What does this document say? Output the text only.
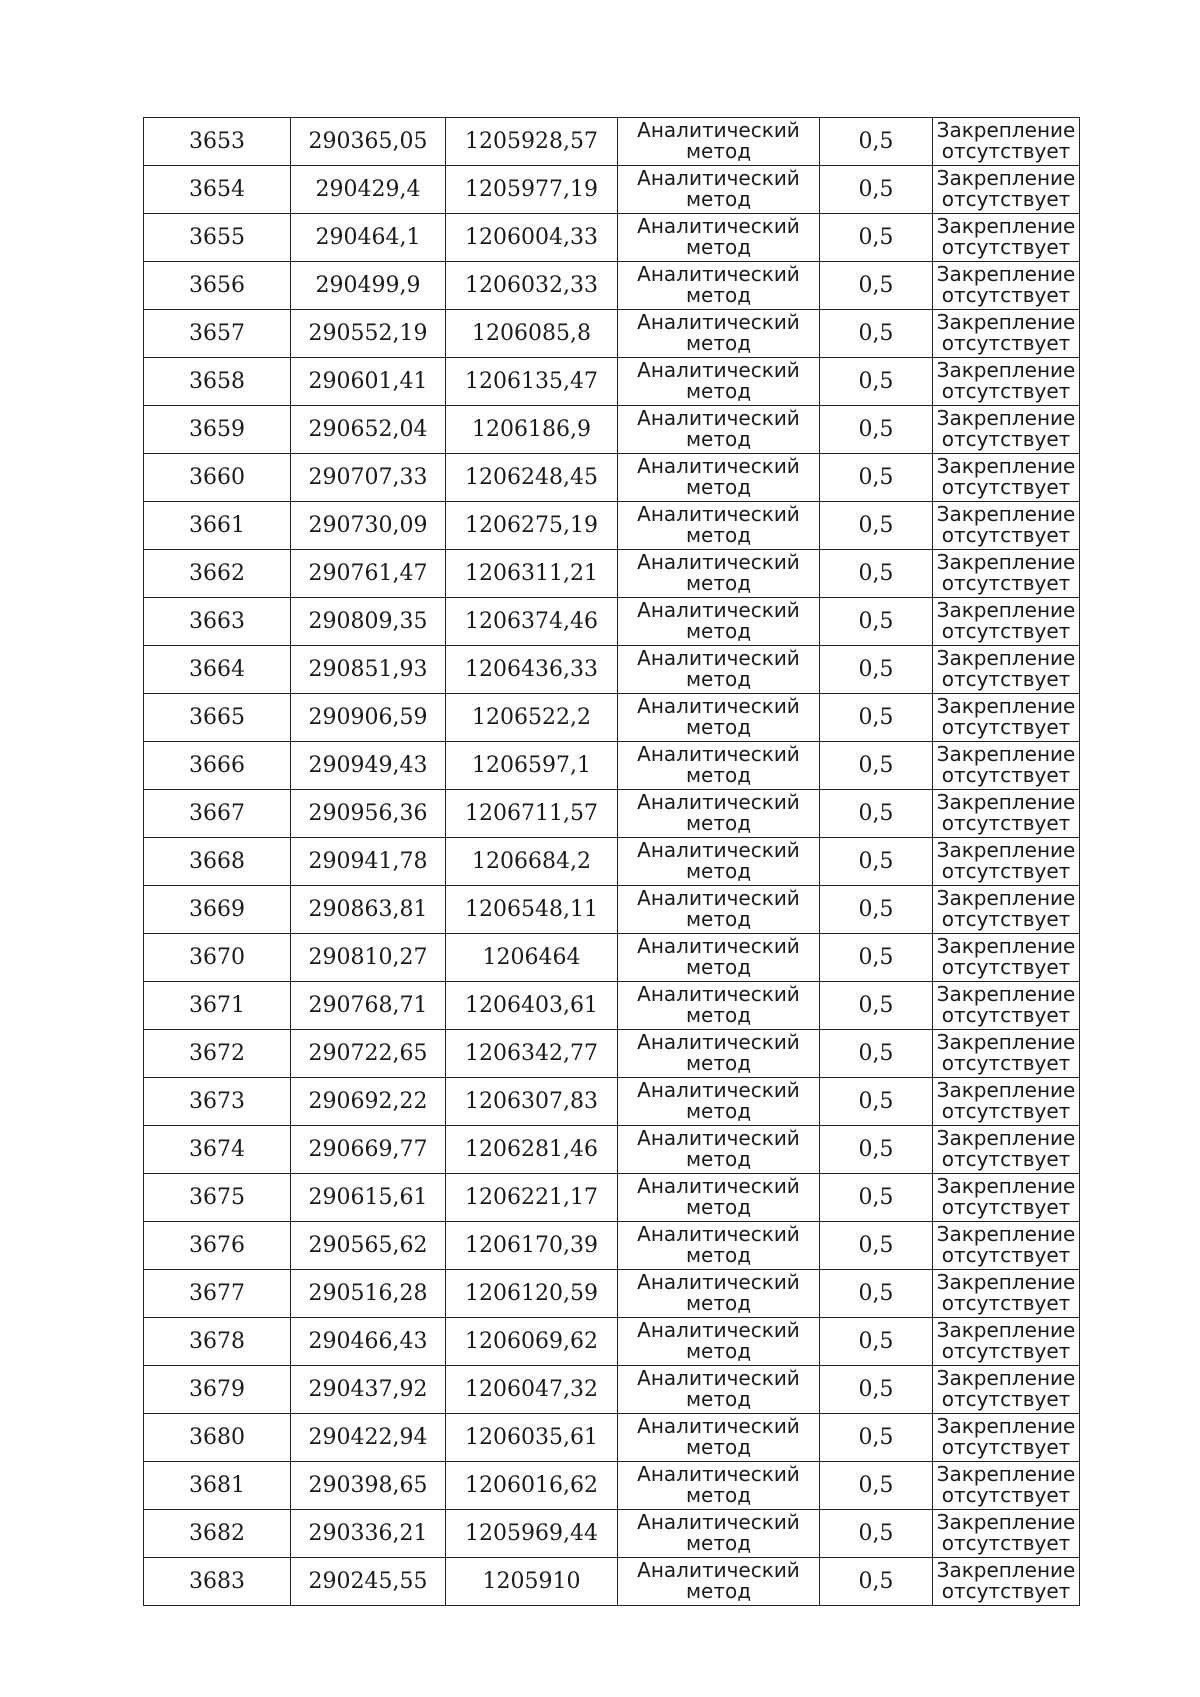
3653	290365,05	1205928,57	Аналитический метод	0,5	Закрепление отсутствует
3654	290429,4	1205977,19	Аналитический метод	0,5	Закрепление отсутствует
3655	290464,1	1206004,33	Аналитический метод	0,5	Закрепление отсутствует
3656	290499,9	1206032,33	Аналитический метод	0,5	Закрепление отсутствует
3657	290552,19	1206085,8	Аналитический метод	0,5	Закрепление отсутствует
3658	290601,41	1206135,47	Аналитический метод	0,5	Закрепление отсутствует
3659	290652,04	1206186,9	Аналитический метод	0,5	Закрепление отсутствует
3660	290707,33	1206248,45	Аналитический метод	0,5	Закрепление отсутствует
3661	290730,09	1206275,19	Аналитический метод	0,5	Закрепление отсутствует
3662	290761,47	1206311,21	Аналитический метод	0,5	Закрепление отсутствует
3663	290809,35	1206374,46	Аналитический метод	0,5	Закрепление отсутствует
3664	290851,93	1206436,33	Аналитический метод	0,5	Закрепление отсутствует
3665	290906,59	1206522,2	Аналитический метод	0,5	Закрепление отсутствует
3666	290949,43	1206597,1	Аналитический метод	0,5	Закрепление отсутствует
3667	290956,36	1206711,57	Аналитический метод	0,5	Закрепление отсутствует
3668	290941,78	1206684,2	Аналитический метод	0,5	Закрепление отсутствует
3669	290863,81	1206548,11	Аналитический метод	0,5	Закрепление отсутствует
3670	290810,27	1206464	Аналитический метод	0,5	Закрепление отсутствует
3671	290768,71	1206403,61	Аналитический метод	0,5	Закрепление отсутствует
3672	290722,65	1206342,77	Аналитический метод	0,5	Закрепление отсутствует
3673	290692,22	1206307,83	Аналитический метод	0,5	Закрепление отсутствует
3674	290669,77	1206281,46	Аналитический метод	0,5	Закрепление отсутствует
3675	290615,61	1206221,17	Аналитический метод	0,5	Закрепление отсутствует
3676	290565,62	1206170,39	Аналитический метод	0,5	Закрепление отсутствует
3677	290516,28	1206120,59	Аналитический метод	0,5	Закрепление отсутствует
3678	290466,43	1206069,62	Аналитический метод	0,5	Закрепление отсутствует
3679	290437,92	1206047,32	Аналитический метод	0,5	Закрепление отсутствует
3680	290422,94	1206035,61	Аналитический метод	0,5	Закрепление отсутствует
3681	290398,65	1206016,62	Аналитический метод	0,5	Закрепление отсутствует
3682	290336,21	1205969,44	Аналитический метод	0,5	Закрепление отсутствует
3683	290245,55	1205910	Аналитический метод	0,5	Закрепление отсутствует
